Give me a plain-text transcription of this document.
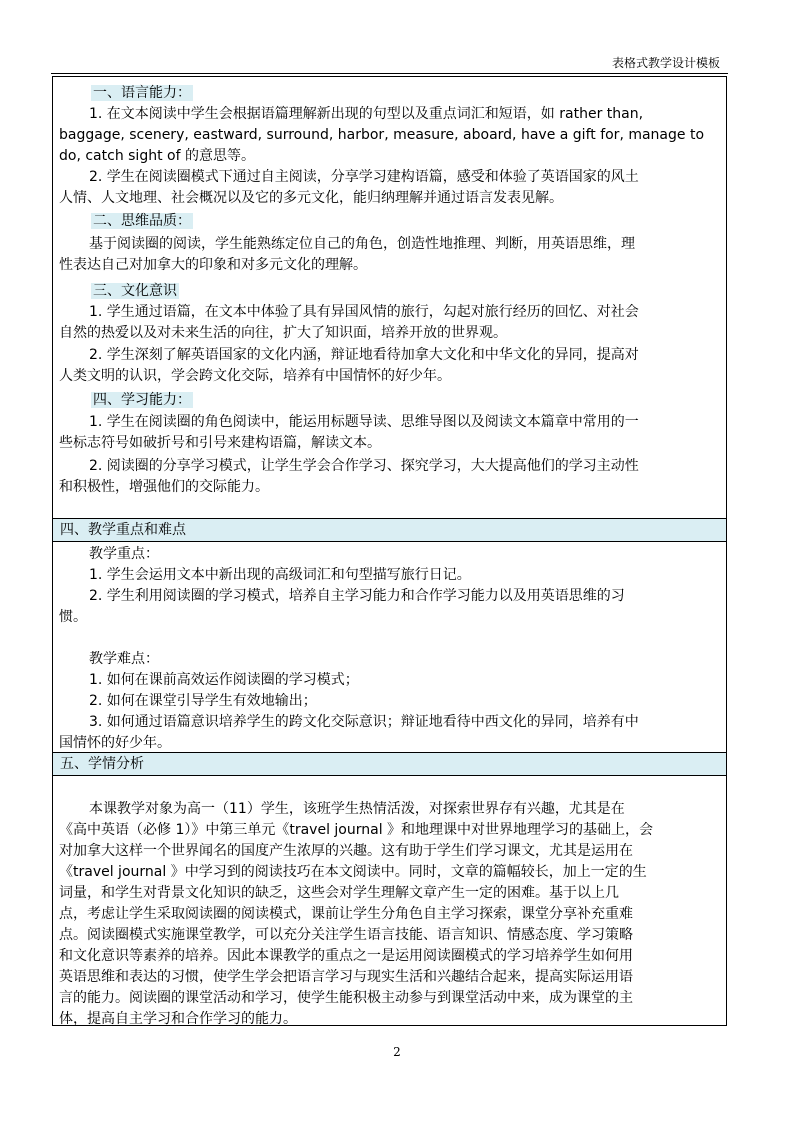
表格式教学设计模板
一、语言能力：
1. 在文本阅读中学生会根据语篇理解新出现的句型以及重点词汇和短语，如 rather than,
baggage, scenery, eastward, surround, harbor, measure, aboard, have a gift for, manage to
do, catch sight of 的意思等。
2. 学生在阅读圈模式下通过自主阅读，分享学习建构语篇，感受和体验了英语国家的风土
人情、人文地理、社会概况以及它的多元文化，能归纳理解并通过语言发表见解。
二、思维品质：
基于阅读圈的阅读，学生能熟练定位自己的角色，创造性地推理、判断，用英语思维，理
性表达自己对加拿大的印象和对多元文化的理解。
三、文化意识
1. 学生通过语篇，在文本中体验了具有异国风情的旅行，勾起对旅行经历的回忆、对社会
自然的热爱以及对未来生活的向往，扩大了知识面，培养开放的世界观。
2. 学生深刻了解英语国家的文化内涵，辩证地看待加拿大文化和中华文化的异同，提高对
人类文明的认识，学会跨文化交际，培养有中国情怀的好少年。
四、学习能力：
1. 学生在阅读圈的角色阅读中，能运用标题导读、思维导图以及阅读文本篇章中常用的一
些标志符号如破折号和引号来建构语篇，解读文本。
2. 阅读圈的分享学习模式，让学生学会合作学习、探究学习，大大提高他们的学习主动性
和积极性，增强他们的交际能力。
四、教学重点和难点
教学重点：
1. 学生会运用文本中新出现的高级词汇和句型描写旅行日记。
2. 学生利用阅读圈的学习模式，培养自主学习能力和合作学习能力以及用英语思维的习
惯。
教学难点：
1. 如何在课前高效运作阅读圈的学习模式；
2. 如何在课堂引导学生有效地输出；
3. 如何通过语篇意识培养学生的跨文化交际意识；辩证地看待中西文化的异同，培养有中
国情怀的好少年。
五、学情分析
本课教学对象为高一（11）学生，该班学生热情活泼，对探索世界存有兴趣，尤其是在
《高中英语（必修 1）》中第三单元《travel journal 》和地理课中对世界地理学习的基础上，会
对加拿大这样一个世界闻名的国度产生浓厚的兴趣。这有助于学生们学习课文，尤其是运用在
《travel journal 》中学习到的阅读技巧在本文阅读中。同时，文章的篇幅较长，加上一定的生
词量，和学生对背景文化知识的缺乏，这些会对学生理解文章产生一定的困难。基于以上几
点，考虑让学生采取阅读圈的阅读模式，课前让学生分角色自主学习探索，课堂分享补充重难
点。阅读圈模式实施课堂教学，可以充分关注学生语言技能、语言知识、情感态度、学习策略
和文化意识等素养的培养。因此本课教学的重点之一是运用阅读圈模式的学习培养学生如何用
英语思维和表达的习惯，使学生学会把语言学习与现实生活和兴趣结合起来，提高实际运用语
言的能力。阅读圈的课堂活动和学习，使学生能积极主动参与到课堂活动中来，成为课堂的主
体，提高自主学习和合作学习的能力。
2
